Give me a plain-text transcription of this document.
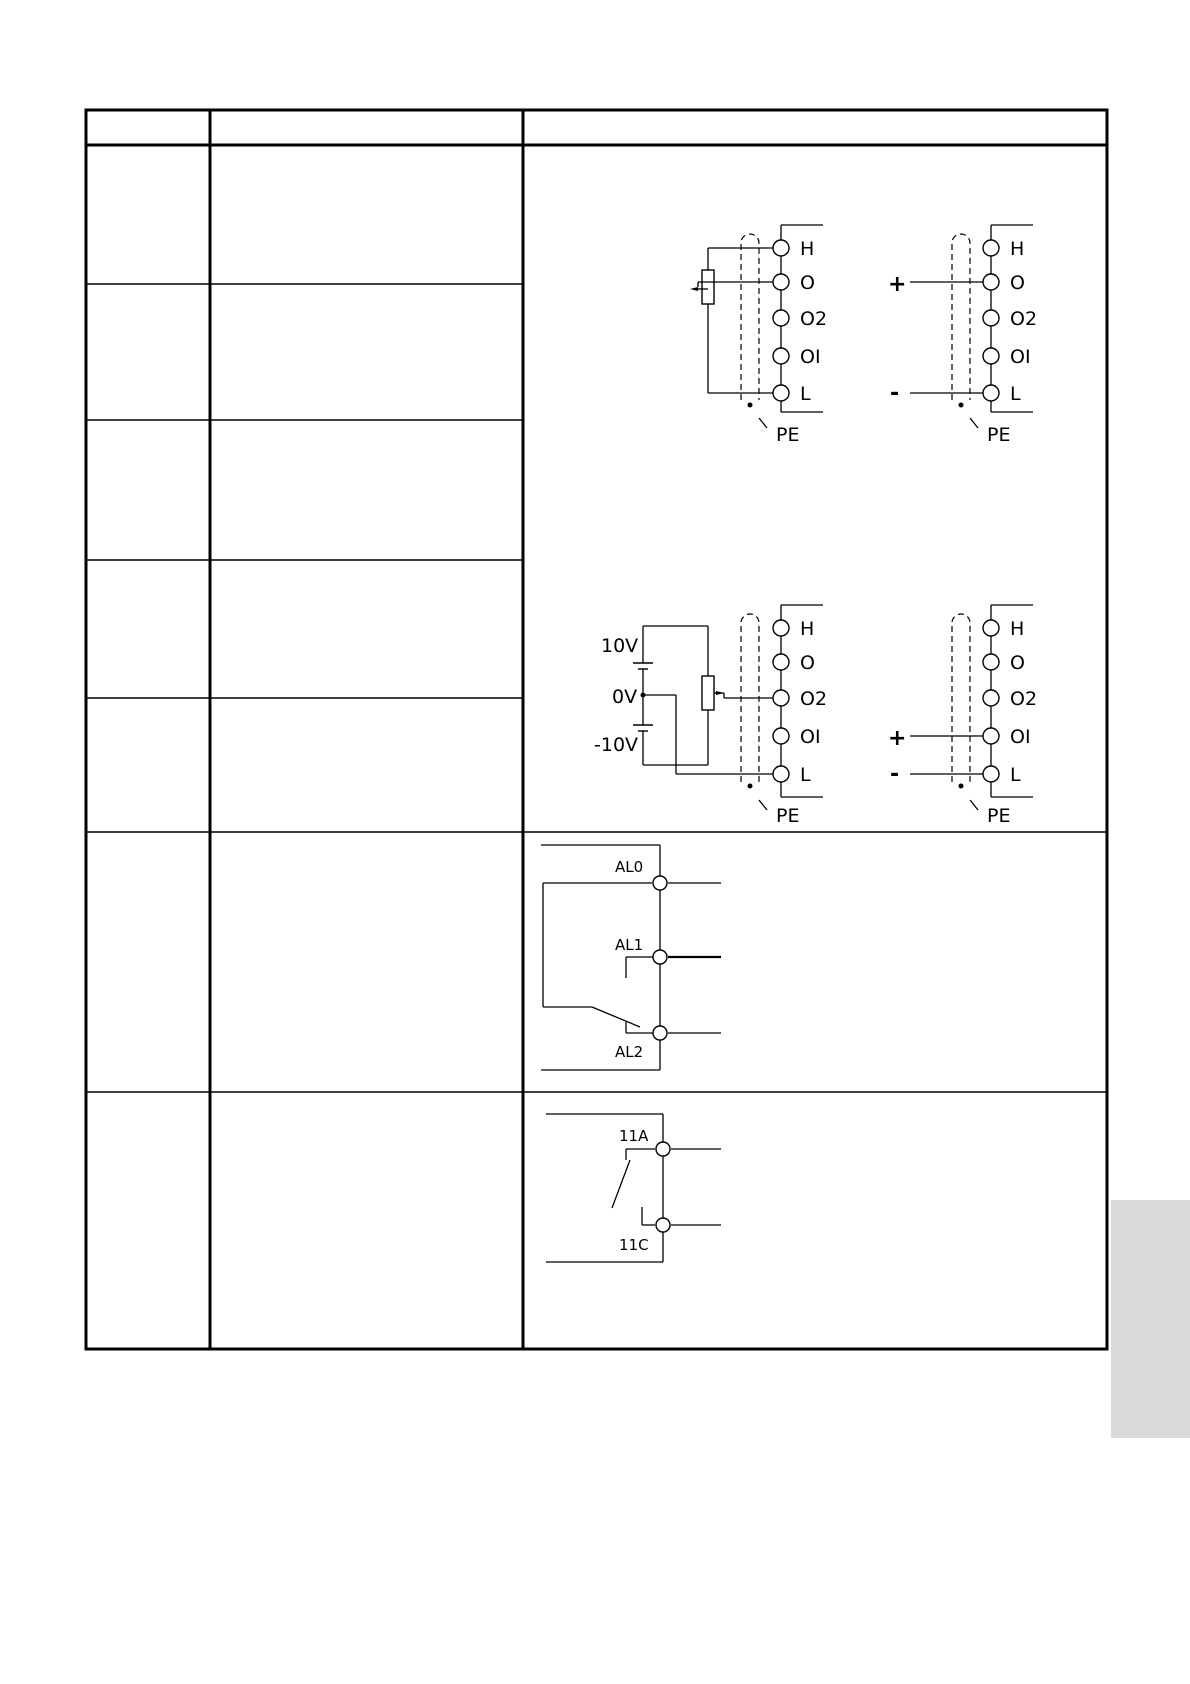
H
O
O2
OI
L
PE
H
O
O2
OI
L
PE
+
-
H
O
O2
OI
L
PE
10V
0V
-10V
H
O
O2
OI
L
PE
+
-
AL0
AL1
AL2
11A
11C
